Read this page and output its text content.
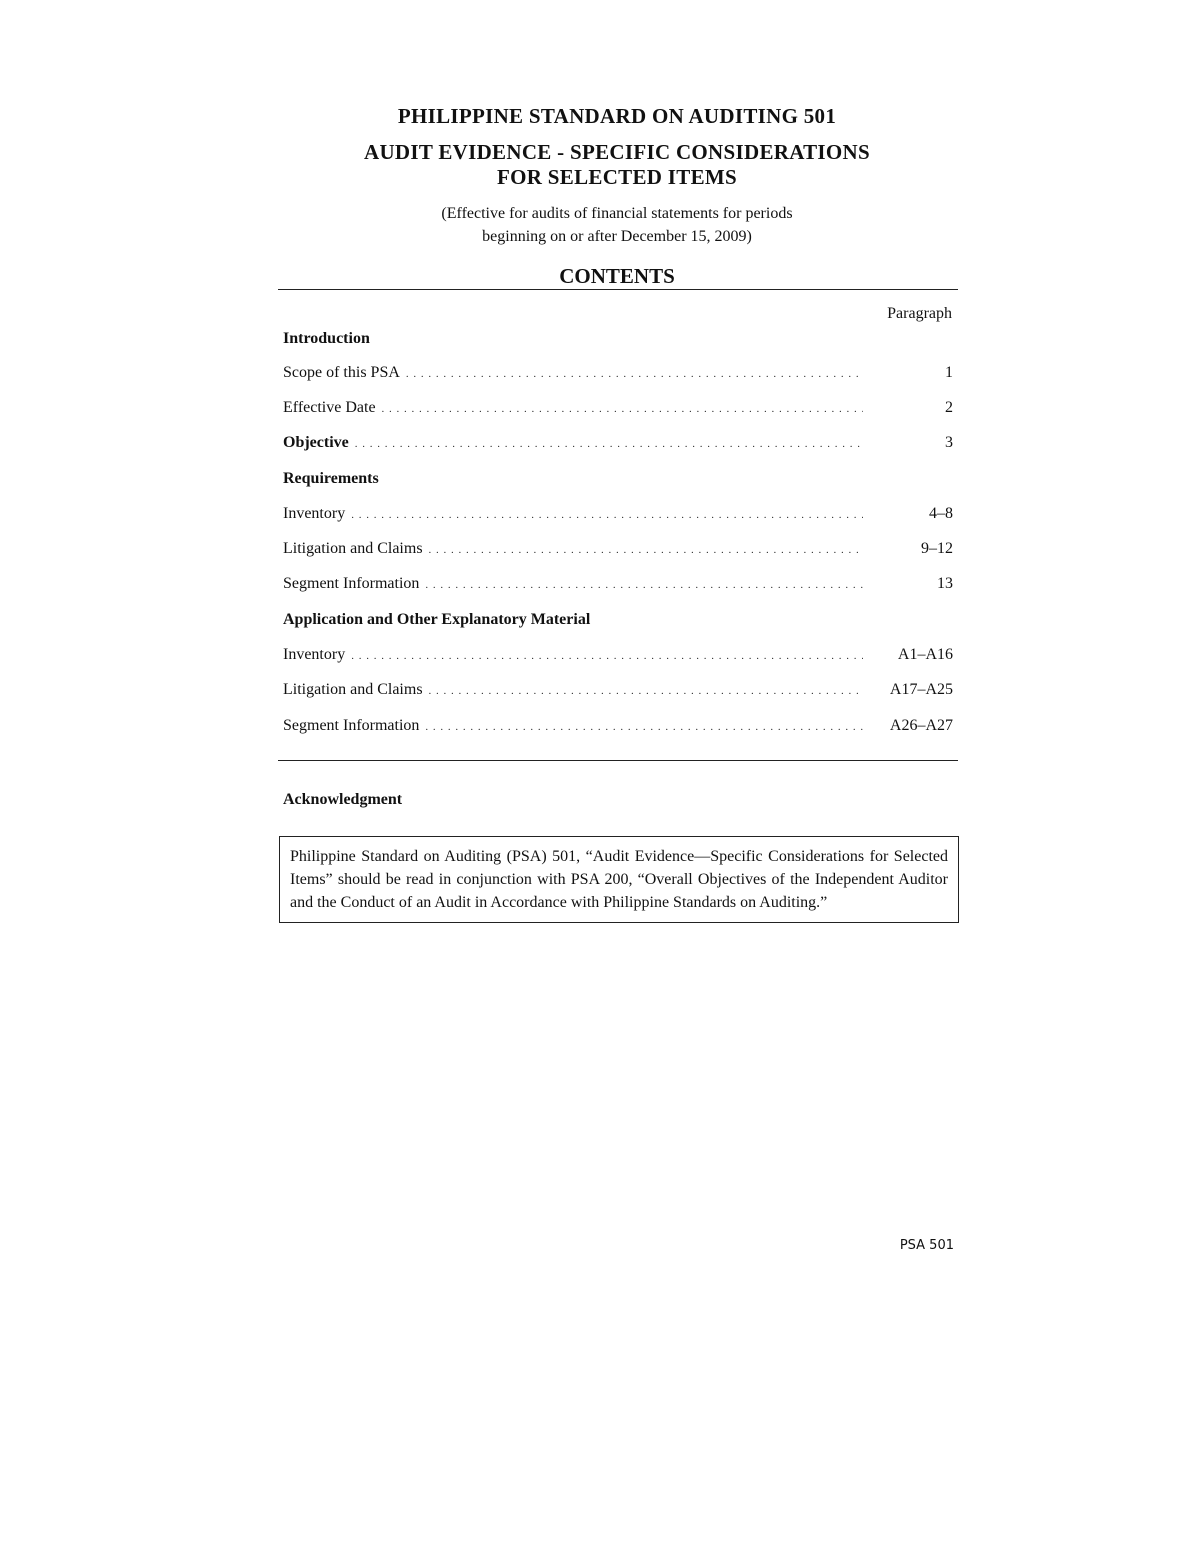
PHILIPPINE STANDARD ON AUDITING 501
AUDIT EVIDENCE - SPECIFIC CONSIDERATIONS
FOR SELECTED ITEMS
(Effective for audits of financial statements for periods
beginning on or after December 15, 2009)
CONTENTS
Paragraph
Introduction
Scope of this PSA . . .	1
Effective Date . . .	2
Objective . . .	3
Requirements
Inventory . . .	4–8
Litigation and Claims . . .	9–12
Segment Information . . .	13
Application and Other Explanatory Material
Inventory . . .	A1–A16
Litigation and Claims . . .	A17–A25
Segment Information . . .	A26–A27
Acknowledgment
Philippine Standard on Auditing (PSA) 501, “Audit Evidence—Specific Considerations for Selected Items” should be read in conjunction with PSA 200, “Overall Objectives of the Independent Auditor and the Conduct of an Audit in Accordance with Philippine Standards on Auditing.”
PSA 501
